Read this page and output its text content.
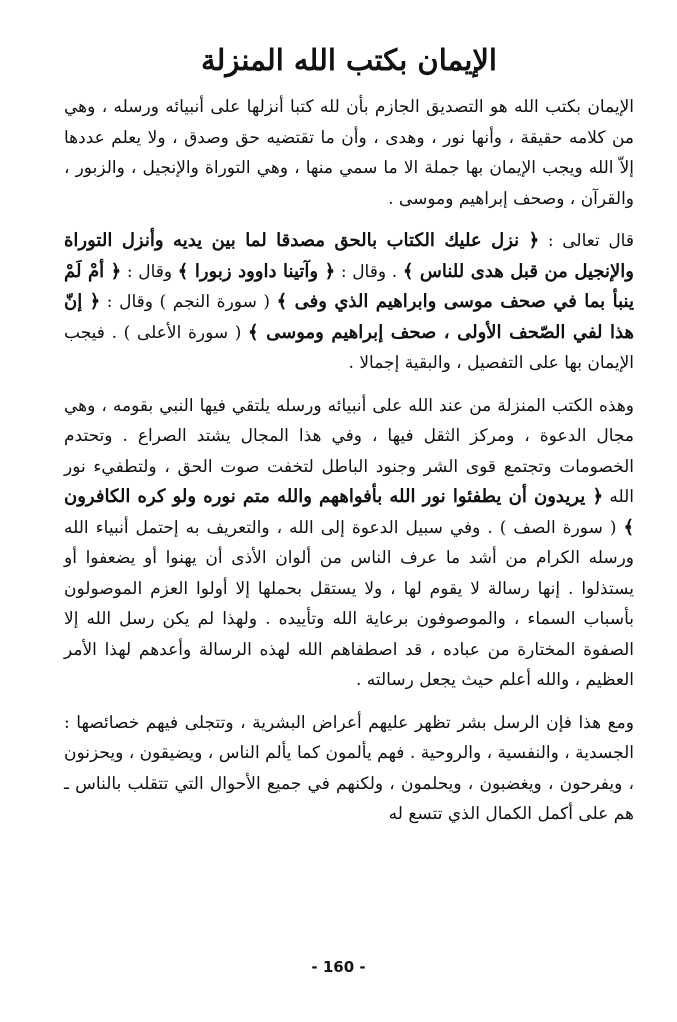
الإيمان بكتب الله المنزلة

الإيمان بكتب الله هو التصديق الجازم بأن لله كتبا أنزلها على أنبيائه ورسله ، وهي من كلامه حقيقة ، وأنها نور ، وهدى ، وأن ما تقتضيه حق وصدق ، ولا يعلم عددها إلاّ الله ويجب الإيمان بها جملة الا ما سمي منها ، وهي التوراة والإنجيل ، والزبور ، والقرآن ، وصحف إبراهيم وموسى .

قال تعالى : ﴿ نزل عليك الكتاب بالحق مصدقا لما بين يديه وأنزل التوراة والإنجيل من قبل هدى للناس ﴾ . وقال : ﴿ وآتينا داوود زبورا ﴾ وقال : ﴿ أمْ لَمْ ينبأ بما في صحف موسى وابراهيم الذي وفى ﴾ ( سورة النجم ) وقال : ﴿ إنّ هذا لفي الصّحف الأولى ، صحف إبراهيم وموسى ﴾ ( سورة الأعلى ) . فيجب الإيمان بها على التفصيل ، والبقية إجمالا .

وهذه الكتب المنزلة من عند الله على أنبيائه ورسله يلتقي فيها النبي بقومه ، وهي مجال الدعوة ، ومركز الثقل فيها ، وفي هذا المجال يشتد الصراع . وتحتدم الخصومات وتجتمع قوى الشر وجنود الباطل لتخفت صوت الحق ، ولتطفيء نور الله ﴿ يريدون أن يطفئوا نور الله بأفواههم والله متم نوره ولو كره الكافرون ﴾ ( سورة الصف ) . وفي سبيل الدعوة إلى الله ، والتعريف به إحتمل أنبياء الله ورسله الكرام من أشد ما عرف الناس من ألوان الأذى أن يهنوا أو يضعفوا أو يستذلوا . إنها رسالة لا يقوم لها ، ولا يستقل بحملها إلا أولوا العزم الموصولون بأسباب السماء ، والموصوفون برعاية الله وتأييده . ولهذا لم يكن رسل الله إلا الصفوة المختارة من عباده ، قد اصطفاهم الله لهذه الرسالة وأعدهم لهذا الأمر العظيم ، والله أعلم حيث يجعل رسالته .

ومع هذا فإن الرسل بشر تظهر عليهم أعراض البشرية ، وتتجلى فيهم خصائصها : الجسدية ، والنفسية ، والروحية . فهم يألمون كما يألم الناس ، ويضيقون ، ويحزنون ، ويفرحون ، ويغضبون ، ويحلمون ، ولكنهم في جميع الأحوال التي تتقلب بالناس ـ هم على أكمل الكمال الذي تتسع له

- 160 -
